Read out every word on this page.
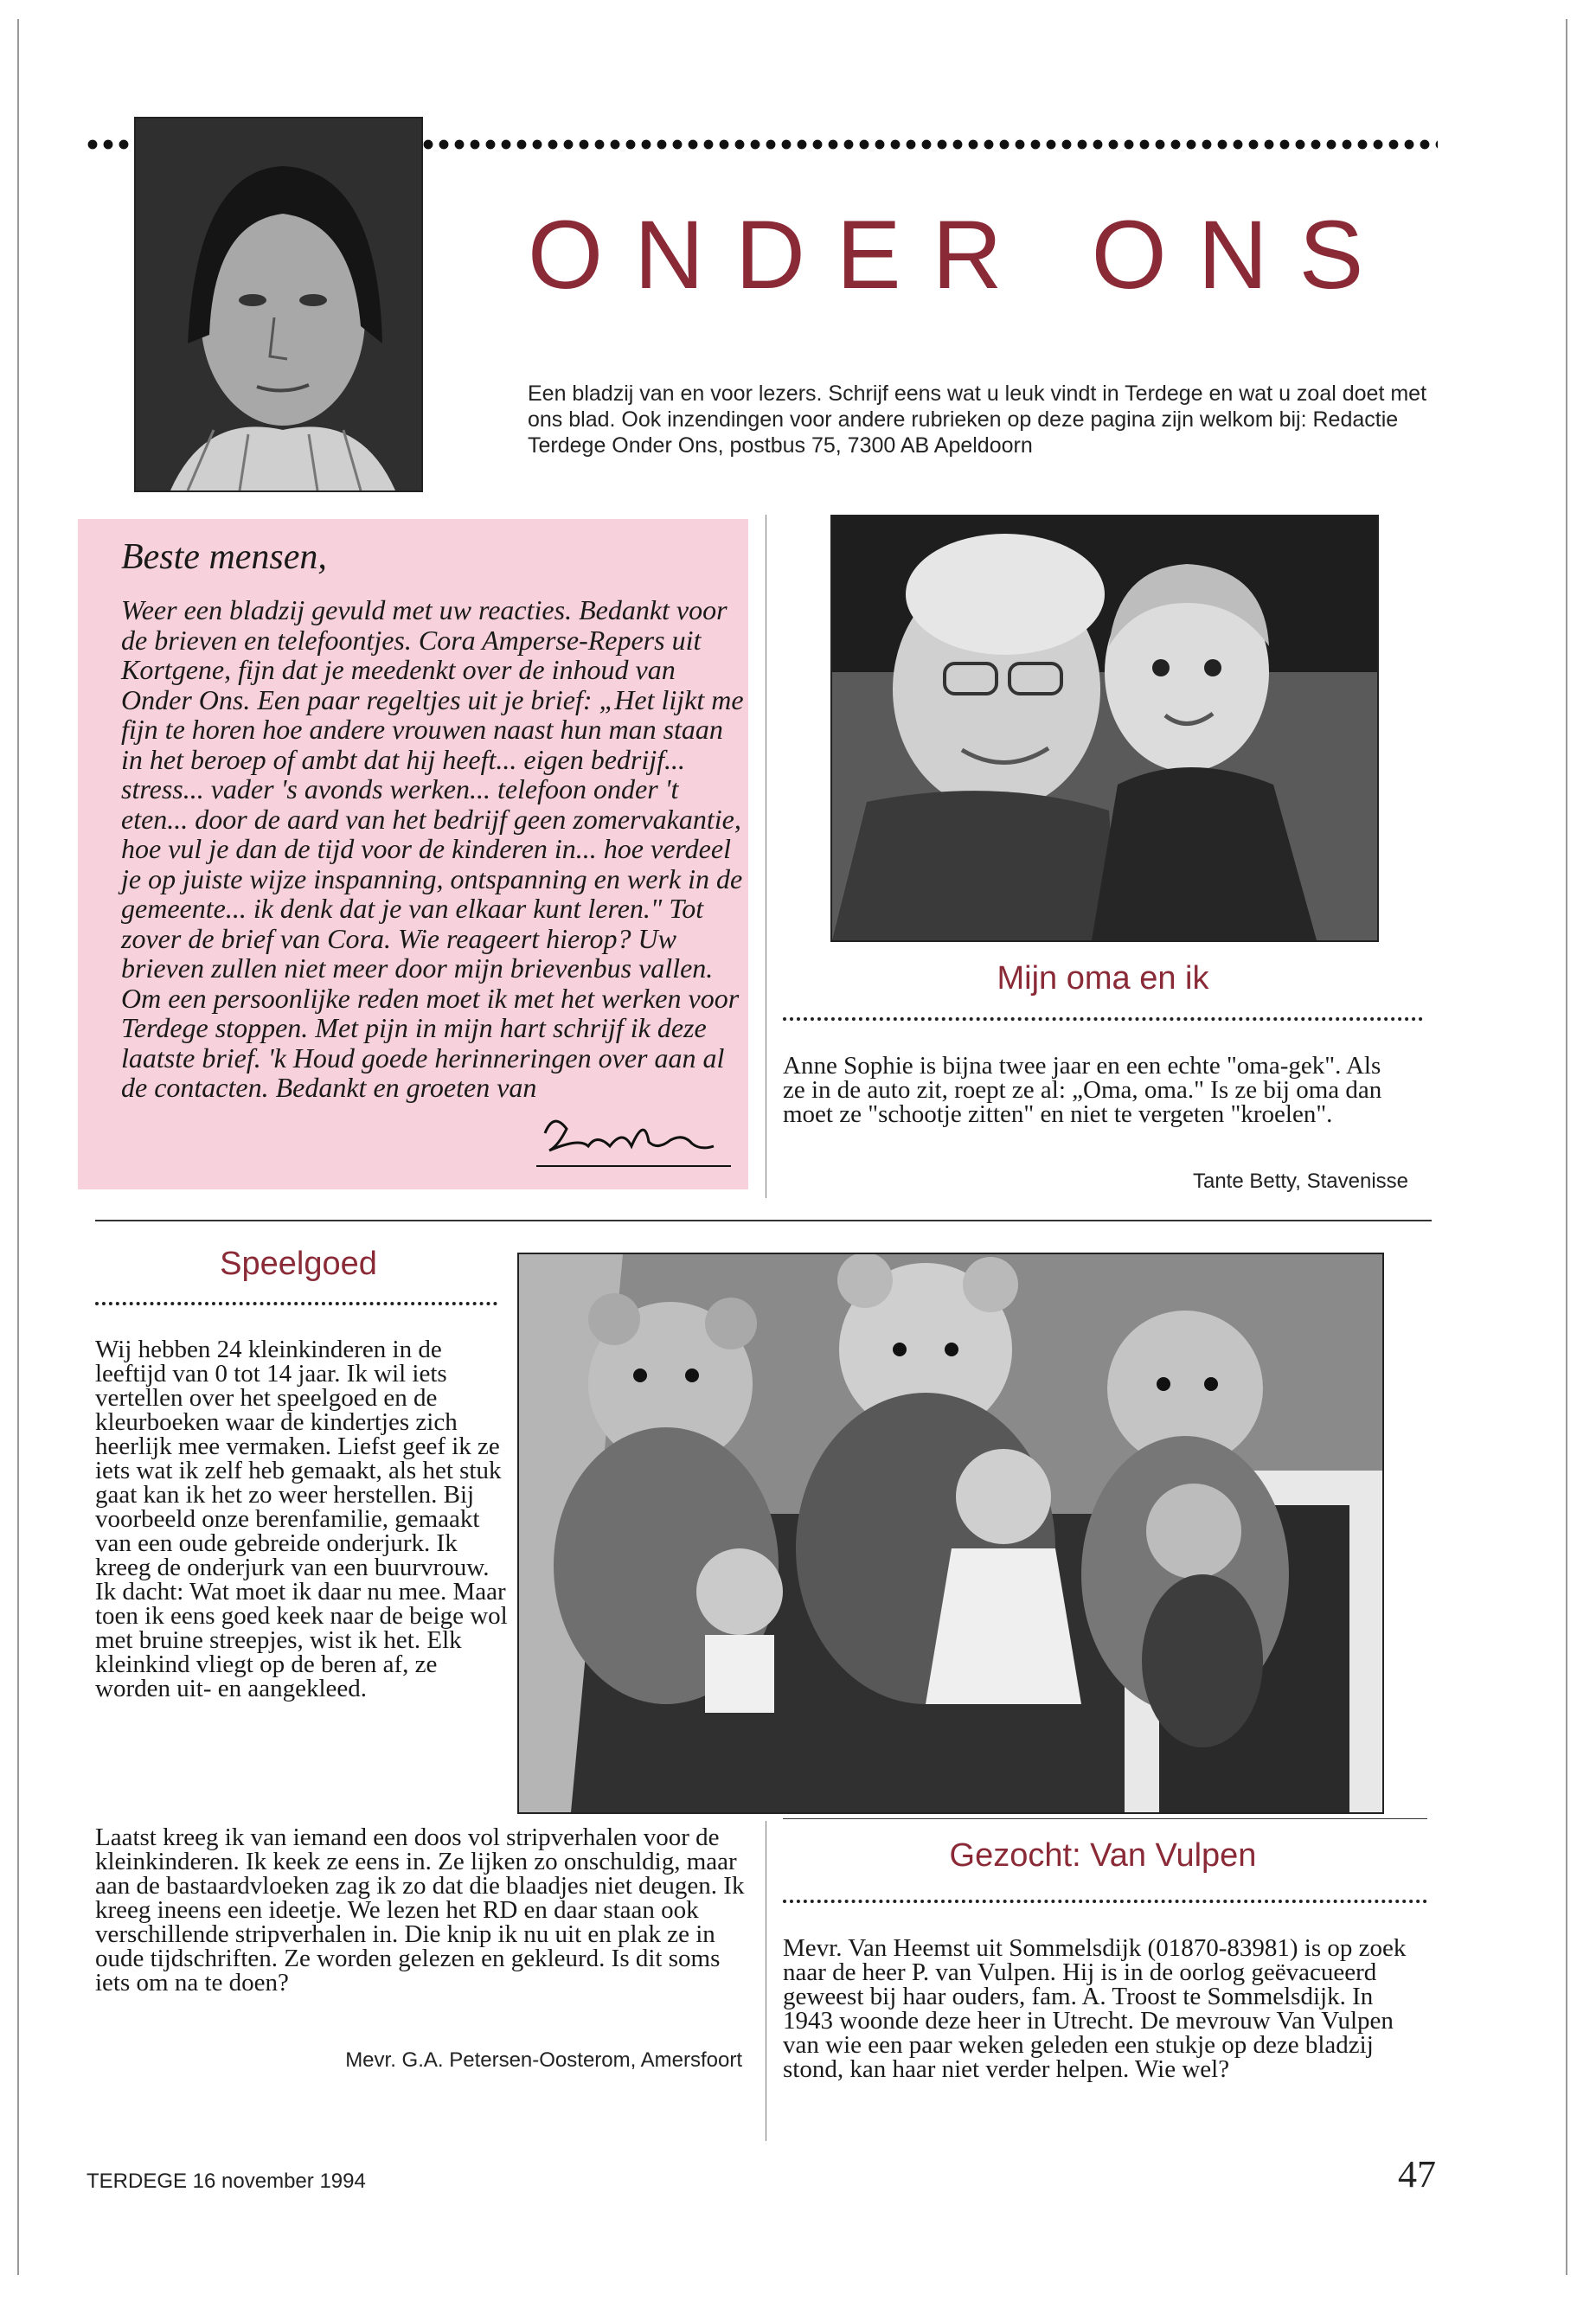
ONDER ONS
Een bladzij van en voor lezers. Schrijf eens wat u leuk vindt in Terdege en wat u zoal doet met ons blad. Ook inzendingen voor andere rubrieken op deze pagina zijn welkom bij: Redactie Terdege Onder Ons, postbus 75, 7300 AB Apeldoorn
Beste mensen,
Weer een bladzij gevuld met uw reacties. Bedankt voor de brieven en telefoontjes. Cora Amperse-Repers uit Kortgene, fijn dat je meedenkt over de inhoud van Onder Ons. Een paar regeltjes uit je brief: „Het lijkt me fijn te horen hoe andere vrouwen naast hun man staan in het beroep of ambt dat hij heeft... eigen bedrijf... stress... vader 's avonds werken... telefoon onder 't eten... door de aard van het bedrijf geen zomervakantie, hoe vul je dan de tijd voor de kinderen in... hoe verdeel je op juiste wijze inspanning, ontspanning en werk in de gemeente... ik denk dat je van elkaar kunt leren." Tot zover de brief van Cora. Wie reageert hierop? Uw brieven zullen niet meer door mijn brievenbus vallen. Om een persoonlijke reden moet ik met het werken voor Terdege stoppen. Met pijn in mijn hart schrijf ik deze laatste brief. 'k Houd goede herinneringen over aan al de contacten. Bedankt en groeten van
Mijn oma en ik
Anne Sophie is bijna twee jaar en een echte "oma-gek". Als ze in de auto zit, roept ze al: „Oma, oma." Is ze bij oma dan moet ze "schootje zitten" en niet te vergeten "kroelen".
Tante Betty, Stavenisse
Speelgoed
Wij hebben 24 kleinkinderen in de leeftijd van 0 tot 14 jaar. Ik wil iets vertellen over het speelgoed en de kleurboeken waar de kindertjes zich heerlijk mee vermaken. Liefst geef ik ze iets wat ik zelf heb gemaakt, als het stuk gaat kan ik het zo weer herstellen. Bij voorbeeld onze berenfamilie, gemaakt van een oude gebreide onderjurk. Ik kreeg de onderjurk van een buurvrouw. Ik dacht: Wat moet ik daar nu mee. Maar toen ik eens goed keek naar de beige wol met bruine streepjes, wist ik het. Elk kleinkind vliegt op de beren af, ze worden uit- en aangekleed.
Laatst kreeg ik van iemand een doos vol stripverhalen voor de kleinkinderen. Ik keek ze eens in. Ze lijken zo onschuldig, maar aan de bastaardvloeken zag ik zo dat die blaadjes niet deugen. Ik kreeg ineens een ideetje. We lezen het RD en daar staan ook verschillende stripverhalen in. Die knip ik nu uit en plak ze in oude tijdschriften. Ze worden gelezen en gekleurd. Is dit soms iets om na te doen?
Mevr. G.A. Petersen-Oosterom, Amersfoort
Gezocht: Van Vulpen
Mevr. Van Heemst uit Sommelsdijk (01870-83981) is op zoek naar de heer P. van Vulpen. Hij is in de oorlog geëvacueerd geweest bij haar ouders, fam. A. Troost te Sommelsdijk. In 1943 woonde deze heer in Utrecht. De mevrouw Van Vulpen van wie een paar weken geleden een stukje op deze bladzij stond, kan haar niet verder helpen. Wie wel?
TERDEGE 16 november 1994	47
